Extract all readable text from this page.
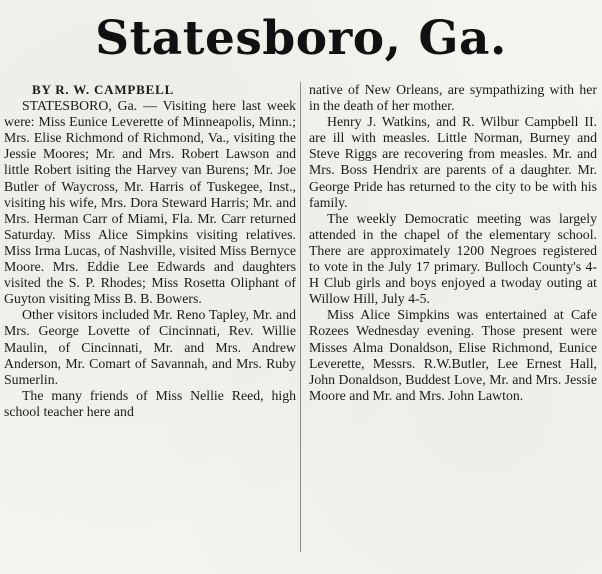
Statesboro, Ga.

BY R. W. CAMPBELL

STATESBORO, Ga. — Visiting here last week were: Miss Eunice Leverette of Minneapolis, Minn.; Mrs. Elise Richmond of Richmond, Va., visiting the Jessie Moores; Mr. and Mrs. Robert Lawson and little Robert isiting the Harvey van Burens; Mr. Joe Butler of Waycross, Mr. Harris of Tuskegee, Inst., visiting his wife, Mrs. Dora Steward Harris; Mr. and Mrs. Herman Carr of Miami, Fla. Mr. Carr returned Saturday. Miss Alice Simpkins visiting relatives. Miss Irma Lucas, of Nashville, visited Miss Bernyce Moore. Mrs. Eddie Lee Edwards and daughters visited the S. P. Rhodes; Miss Rosetta Oliphant of Guyton visiting Miss B. B. Bowers.

Other visitors included Mr. Reno Tapley, Mr. and Mrs. George Lovette of Cincinnati, Rev. Willie Maulin, of Cincinnati, Mr. and Mrs. Andrew Anderson, Mr. Comart of Savannah, and Mrs. Ruby Sumerlin.

The many friends of Miss Nellie Reed, high school teacher here and

native of New Orleans, are sympathizing with her in the death of her mother.

Henry J. Watkins, and R. Wilbur Campbell II. are ill with measles. Little Norman, Burney and Steve Riggs are recovering from measles. Mr. and Mrs. Boss Hendrix are parents of a daughter. Mr. George Pride has returned to the city to be with his family.

The weekly Democratic meeting was largely attended in the chapel of the elementary school. There are approximately 1200 Negroes registered to vote in the July 17 primary. Bulloch County's 4-H Club girls and boys enjoyed a twoday outing at Willow Hill, July 4-5.

Miss Alice Simpkins was entertained at Cafe Rozees Wednesday evening. Those present were Misses Alma Donaldson, Elise Richmond, Eunice Leverette, Messrs. R.W.Butler, Lee Ernest Hall, John Donaldson, Buddest Love, Mr. and Mrs. Jessie Moore and Mr. and Mrs. John Lawton.
